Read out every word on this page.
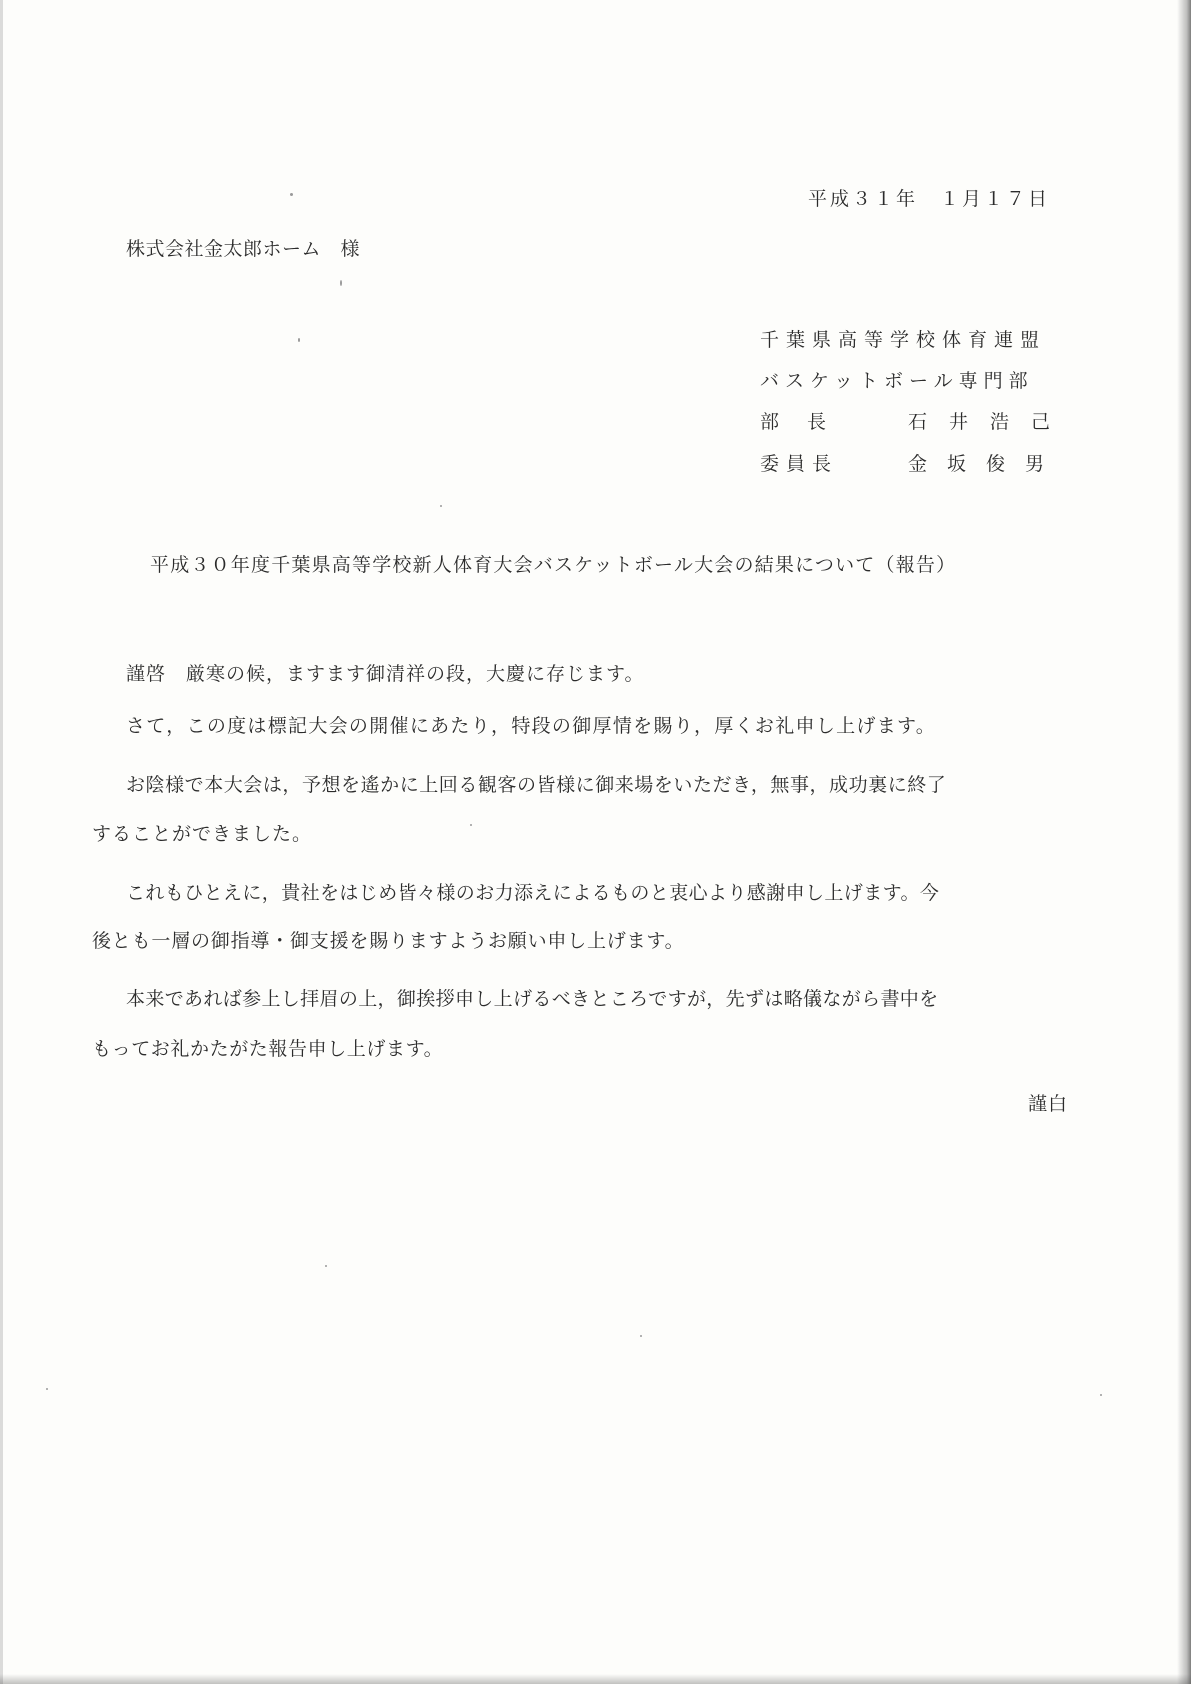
平成３１年　１月１７日
株式会社金太郎ホーム　様
千葉県高等学校体育連盟
バスケットボール専門部
部長	石井浩己
委員長	金坂俊男
平成３０年度千葉県高等学校新人体育大会バスケットボール大会の結果について（報告）
謹啓　厳寒の候，ますます御清祥の段，大慶に存じます。
さて，この度は標記大会の開催にあたり，特段の御厚情を賜り，厚くお礼申し上げます。
お陰様で本大会は，予想を遙かに上回る観客の皆様に御来場をいただき，無事，成功裏に終了
することができました。
これもひとえに，貴社をはじめ皆々様のお力添えによるものと衷心より感謝申し上げます。今
後とも一層の御指導・御支援を賜りますようお願い申し上げます。
本来であれば参上し拝眉の上，御挨拶申し上げるべきところですが，先ずは略儀ながら書中を
もってお礼かたがた報告申し上げます。
謹白
